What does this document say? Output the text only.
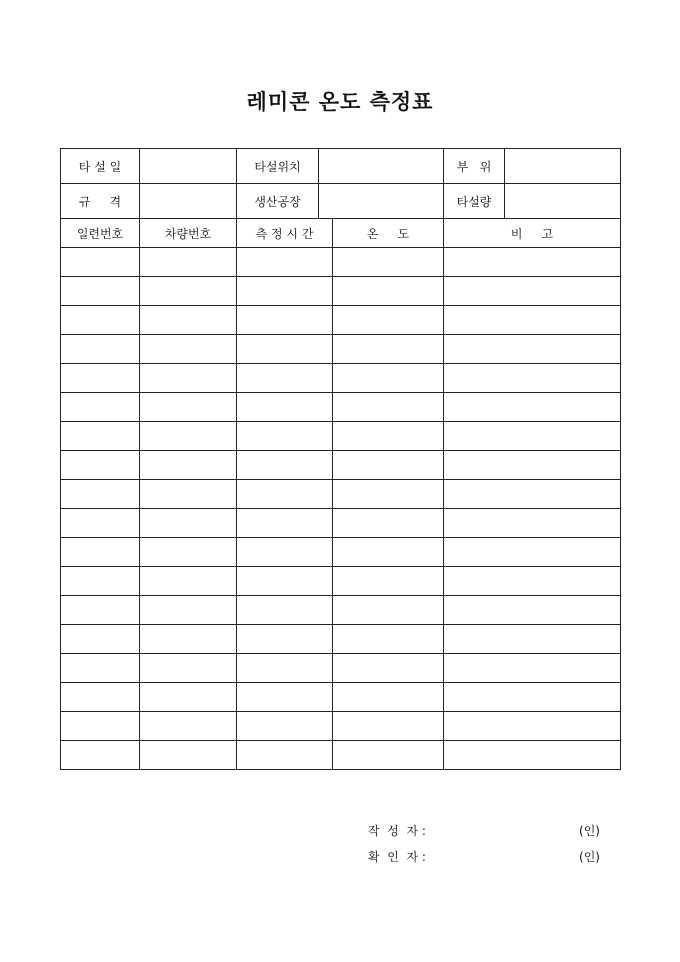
레미콘 온도 측정표
타 설 일		타설위치			부   위	
규     격		생산공장			타설량	
일련번호	차량번호	측 정 시 간		온     도	비     고	

작  성  자 :	(인)
확  인  자 :	(인)
